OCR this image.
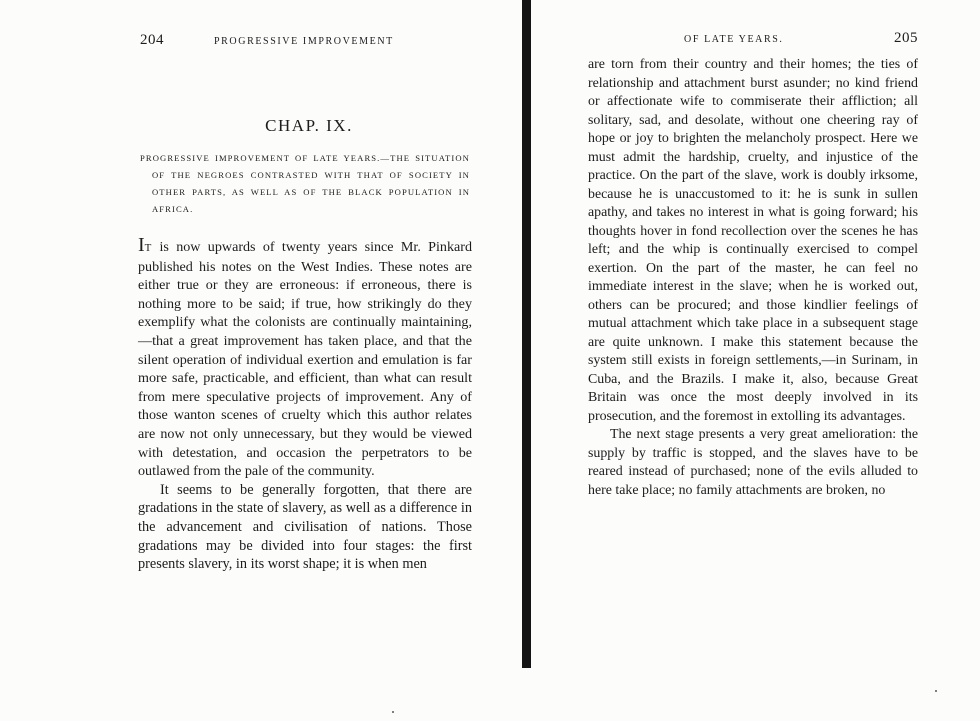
204	PROGRESSIVE IMPROVEMENT
CHAP. IX.
PROGRESSIVE IMPROVEMENT OF LATE YEARS.—THE SITUATION OF THE NEGROES CONTRASTED WITH THAT OF SOCIETY IN OTHER PARTS, AS WELL AS OF THE BLACK POPULATION IN AFRICA.

IT is now upwards of twenty years since Mr. Pinkard published his notes on the West Indies. These notes are either true or they are erroneous: if erroneous, there is nothing more to be said; if true, how strikingly do they exemplify what the colonists are continually maintaining,—that a great improvement has taken place, and that the silent operation of individual exertion and emulation is far more safe, practicable, and efficient, than what can result from mere speculative projects of improvement. Any of those wanton scenes of cruelty which this author relates are now not only unnecessary, but they would be viewed with detestation, and occasion the perpetrators to be outlawed from the pale of the community.

It seems to be generally forgotten, that there are gradations in the state of slavery, as well as a difference in the advancement and civilisation of nations. Those gradations may be divided into four stages: the first presents slavery, in its worst shape; it is when men

OF LATE YEARS.	205

are torn from their country and their homes; the ties of relationship and attachment burst asunder; no kind friend or affectionate wife to commiserate their affliction; all solitary, sad, and desolate, without one cheering ray of hope or joy to brighten the melancholy prospect. Here we must admit the hardship, cruelty, and injustice of the practice. On the part of the slave, work is doubly irksome, because he is unaccustomed to it: he is sunk in sullen apathy, and takes no interest in what is going forward; his thoughts hover in fond recollection over the scenes he has left; and the whip is continually exercised to compel exertion. On the part of the master, he can feel no immediate interest in the slave; when he is worked out, others can be procured; and those kindlier feelings of mutual attachment which take place in a subsequent stage are quite unknown. I make this statement because the system still exists in foreign settlements,—in Surinam, in Cuba, and the Brazils. I make it, also, because Great Britain was once the most deeply involved in its prosecution, and the foremost in extolling its advantages.

The next stage presents a very great amelioration: the supply by traffic is stopped, and the slaves have to be reared instead of purchased; none of the evils alluded to here take place; no family attachments are broken, no
